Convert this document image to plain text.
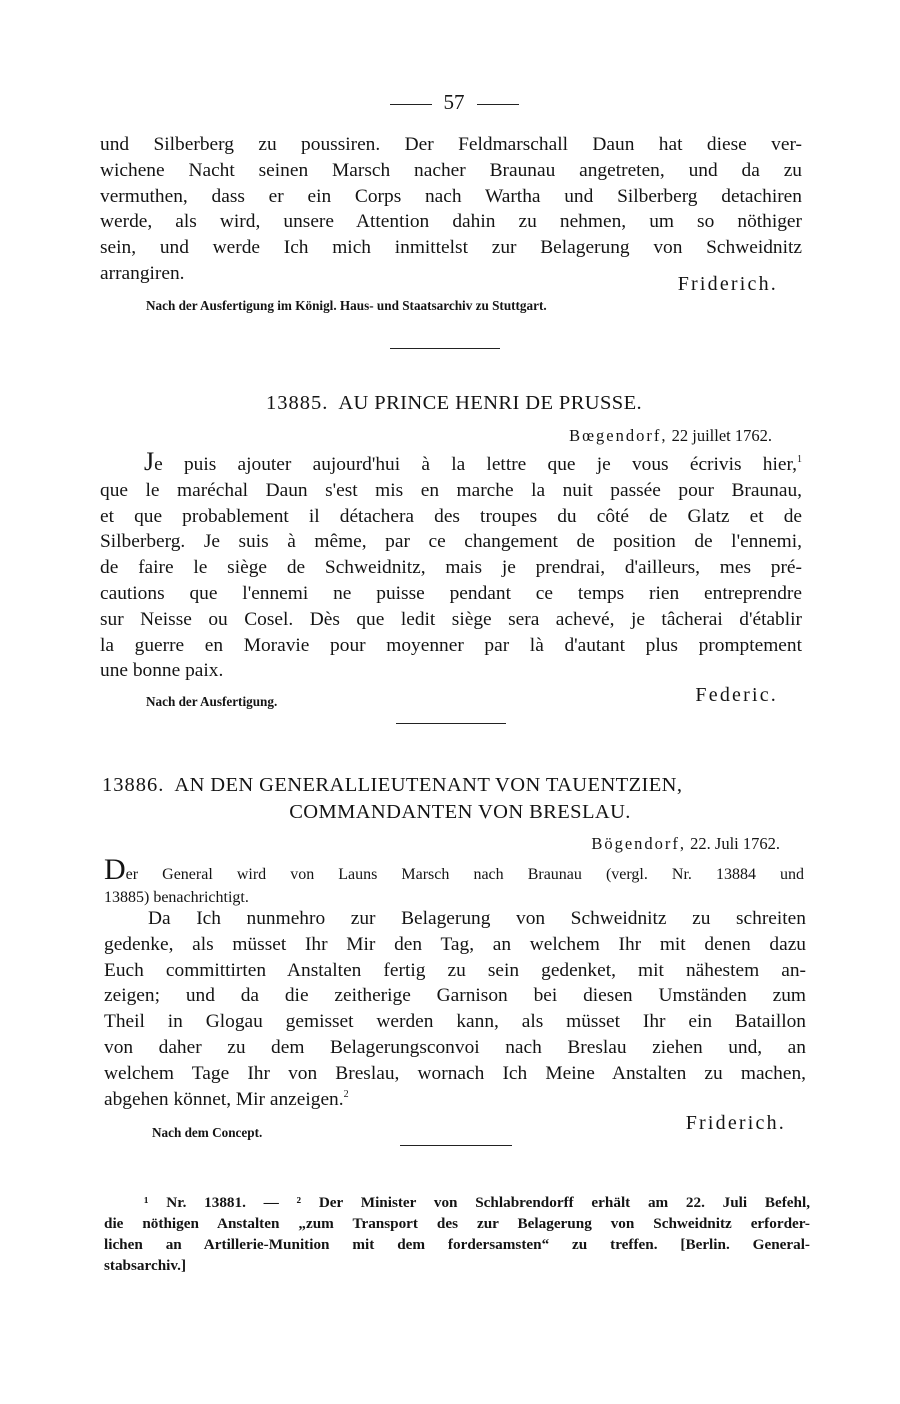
57
und Silberberg zu poussiren. Der Feldmarschall Daun hat diese ver-
wichene Nacht seinen Marsch nacher Braunau angetreten, und da zu
vermuthen, dass er ein Corps nach Wartha und Silberberg detachiren
werde, als wird, unsere Attention dahin zu nehmen, um so nöthiger
sein, und werde Ich mich inmittelst zur Belagerung von Schweidnitz
arrangiren.	Friderich.
Nach der Ausfertigung im Königl. Haus- und Staatsarchiv zu Stuttgart.
13885. AU PRINCE HENRI DE PRUSSE.
Bœgendorf, 22 juillet 1762.
Je puis ajouter aujourd'hui à la lettre que je vous écrivis hier,$^1$
que le maréchal Daun s'est mis en marche la nuit passée pour Braunau,
et que probablement il détachera des troupes du côté de Glatz et de
Silberberg. Je suis à même, par ce changement de position de l'ennemi,
de faire le siège de Schweidnitz, mais je prendrai, d'ailleurs, mes pré-
cautions que l'ennemi ne puisse pendant ce temps rien entreprendre
sur Neisse ou Cosel. Dès que ledit siège sera achevé, je tâcherai d'établir
la guerre en Moravie pour moyenner par là d'autant plus promptement
une bonne paix.
Nach der Ausfertigung.	Federic.
13886. AN DEN GENERALLIEUTENANT VON TAUENTZIEN,
COMMANDANTEN VON BRESLAU.
Bögendorf, 22. Juli 1762.
Der General wird von Launs Marsch nach Braunau (vergl. Nr. 13884 und
13885) benachrichtigt.
Da Ich nunmehro zur Belagerung von Schweidnitz zu schreiten
gedenke, als müsset Ihr Mir den Tag, an welchem Ihr mit denen dazu
Euch committirten Anstalten fertig zu sein gedenket, mit nähestem an-
zeigen; und da die zeitherige Garnison bei diesen Umständen zum
Theil in Glogau gemisset werden kann, als müsset Ihr ein Bataillon
von daher zu dem Belagerungsconvoi nach Breslau ziehen und, an
welchem Tage Ihr von Breslau, wornach Ich Meine Anstalten zu machen,
abgehen könnet, Mir anzeigen.$^2$
Nach dem Concept.	Friderich.
¹ Nr. 13881. — ² Der Minister von Schlabrendorff erhält am 22. Juli Befehl,
die nöthigen Anstalten „zum Transport des zur Belagerung von Schweidnitz erforder-
lichen an Artillerie-Munition mit dem fordersamsten“ zu treffen. [Berlin. General-
stabsarchiv.]
